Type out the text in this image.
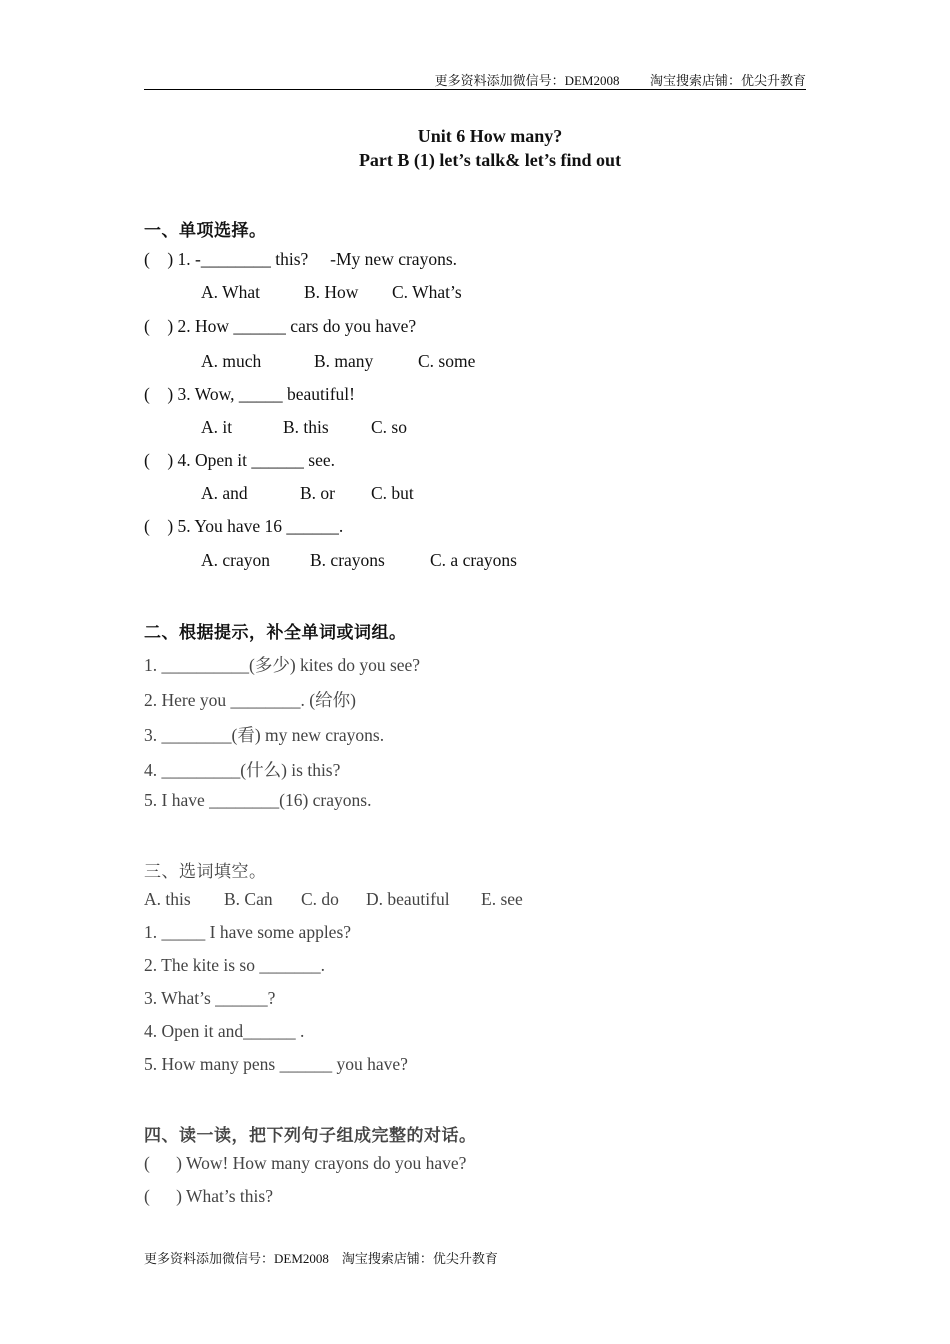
更多资料添加微信号：DEM2008 淘宝搜索店铺：优尖升教育
Unit 6 How many?
Part B (1) let’s talk& let’s find out
一、单项选择。
(    ) 1. -________ this?     -My new crayons.
A. What	B. How C. What’s
(    ) 2. How ______ cars do you have?
A. much	B. many	C. some
(    ) 3. Wow, _____ beautiful!
A. it	B. this C. so
(    ) 4. Open it ______ see.
A. and	B. or C. but
(    ) 5. You have 16 ______.
A. crayon B. crayons	C. a crayons
二、根据提示，补全单词或词组。
1. __________(多少) kites do you see?
2. Here you ________. (给你)
3. ________(看) my new crayons.
4. _________(什么) is this?
5. I have ________(16) crayons.
三、选词填空。
A. this B. Can C. do D. beautiful E. see
1. _____ I have some apples?
2. The kite is so _______.
3. What’s ______?
4. Open it and______ .
5. How many pens ______ you have?
四、读一读，把下列句子组成完整的对话。
(      ) Wow! How many crayons do you have?
(      ) What’s this?
更多资料添加微信号：DEM2008    淘宝搜索店铺：优尖升教育
